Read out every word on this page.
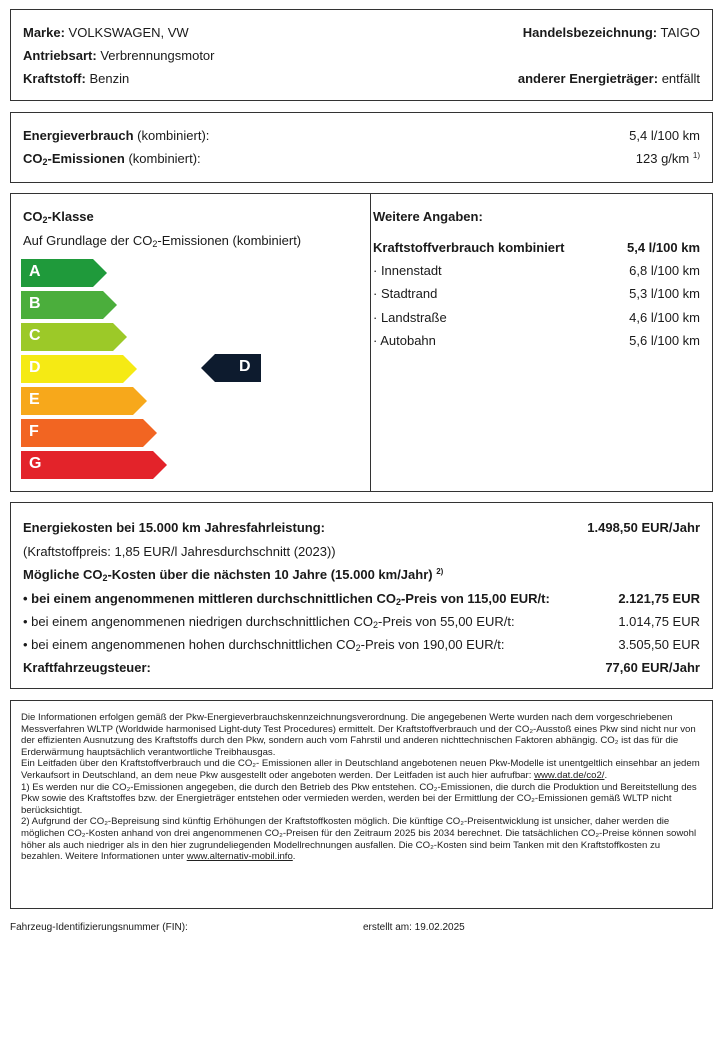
Marke: VOLKSWAGEN, VW	Handelsbezeichnung: TAIGO
Antriebsart: Verbrennungsmotor
Kraftstoff: Benzin	anderer Energieträger: entfällt
Energieverbrauch (kombiniert):	5,4 l/100 km
$CO_2$-Emissionen (kombiniert):	123 g/km $^{1)}$
$CO_2$-Klasse
Auf Grundlage der $CO_2$-Emissionen (kombiniert)
A
B
C
D
E
F
G
D
Weitere Angaben:
Kraftstoffverbrauch kombiniert	5,4 l/100 km
· Innenstadt	6,8 l/100 km
· Stadtrand	5,3 l/100 km
· Landstraße	4,6 l/100 km
· Autobahn	5,6 l/100 km
Energiekosten bei 15.000 km Jahresfahrleistung:	1.498,50 EUR/Jahr
(Kraftstoffpreis: 1,85 EUR/l Jahresdurchschnitt (2023))
Mögliche $CO_2$-Kosten über die nächsten 10 Jahre (15.000 km/Jahr) $^{2)}$
• bei einem angenommenen mittleren durchschnittlichen $CO_2$-Preis von 115,00 EUR/t:	2.121,75 EUR
• bei einem angenommenen niedrigen durchschnittlichen $CO_2$-Preis von 55,00 EUR/t:	1.014,75 EUR
• bei einem angenommenen hohen durchschnittlichen $CO_2$-Preis von 190,00 EUR/t:	3.505,50 EUR
Kraftfahrzeugsteuer:	77,60 EUR/Jahr

Die Informationen erfolgen gemäß der Pkw-Energieverbrauchskennzeichnungsverordnung. Die angegebenen Werte wurden nach dem vorgeschriebenen Messverfahren WLTP (Worldwide harmonised Light-duty Test Procedures) ermittelt. Der Kraftstoffverbrauch und der CO₂-Ausstoß eines Pkw sind nicht nur von der effizienten Ausnutzung des Kraftstoffs durch den Pkw, sondern auch vom Fahrstil und anderen nichttechnischen Faktoren abhängig. CO₂ ist das für die Erderwärmung hauptsächlich verantwortliche Treibhausgas.

Ein Leitfaden über den Kraftstoffverbrauch und die CO₂- Emissionen aller in Deutschland angebotenen neuen Pkw-Modelle ist unentgeltlich einsehbar an jedem Verkaufsort in Deutschland, an dem neue Pkw ausgestellt oder angeboten werden. Der Leitfaden ist auch hier aufrufbar: www.dat.de/co2/.

1) Es werden nur die CO₂-Emissionen angegeben, die durch den Betrieb des Pkw entstehen. CO₂-Emissionen, die durch die Produktion und Bereitstellung des Pkw sowie des Kraftstoffes bzw. der Energieträger entstehen oder vermieden werden, werden bei der Ermittlung der CO₂-Emissionen gemäß WLTP nicht berücksichtigt.

2) Aufgrund der CO₂-Bepreisung sind künftig Erhöhungen der Kraftstoffkosten möglich. Die künftige CO₂-Preisentwicklung ist unsicher, daher werden die möglichen CO₂-Kosten anhand von drei angenommenen CO₂-Preisen für den Zeitraum 2025 bis 2034 berechnet. Die tatsächlichen CO₂-Preise können sowohl höher als auch niedriger als in den hier zugrundeliegenden Modellrechnungen ausfallen. Die CO₂-Kosten sind beim Tanken mit den Kraftstoffkosten zu bezahlen. Weitere Informationen unter www.alternativ-mobil.info.

Fahrzeug-Identifizierungsnummer (FIN):	erstellt am: 19.02.2025
